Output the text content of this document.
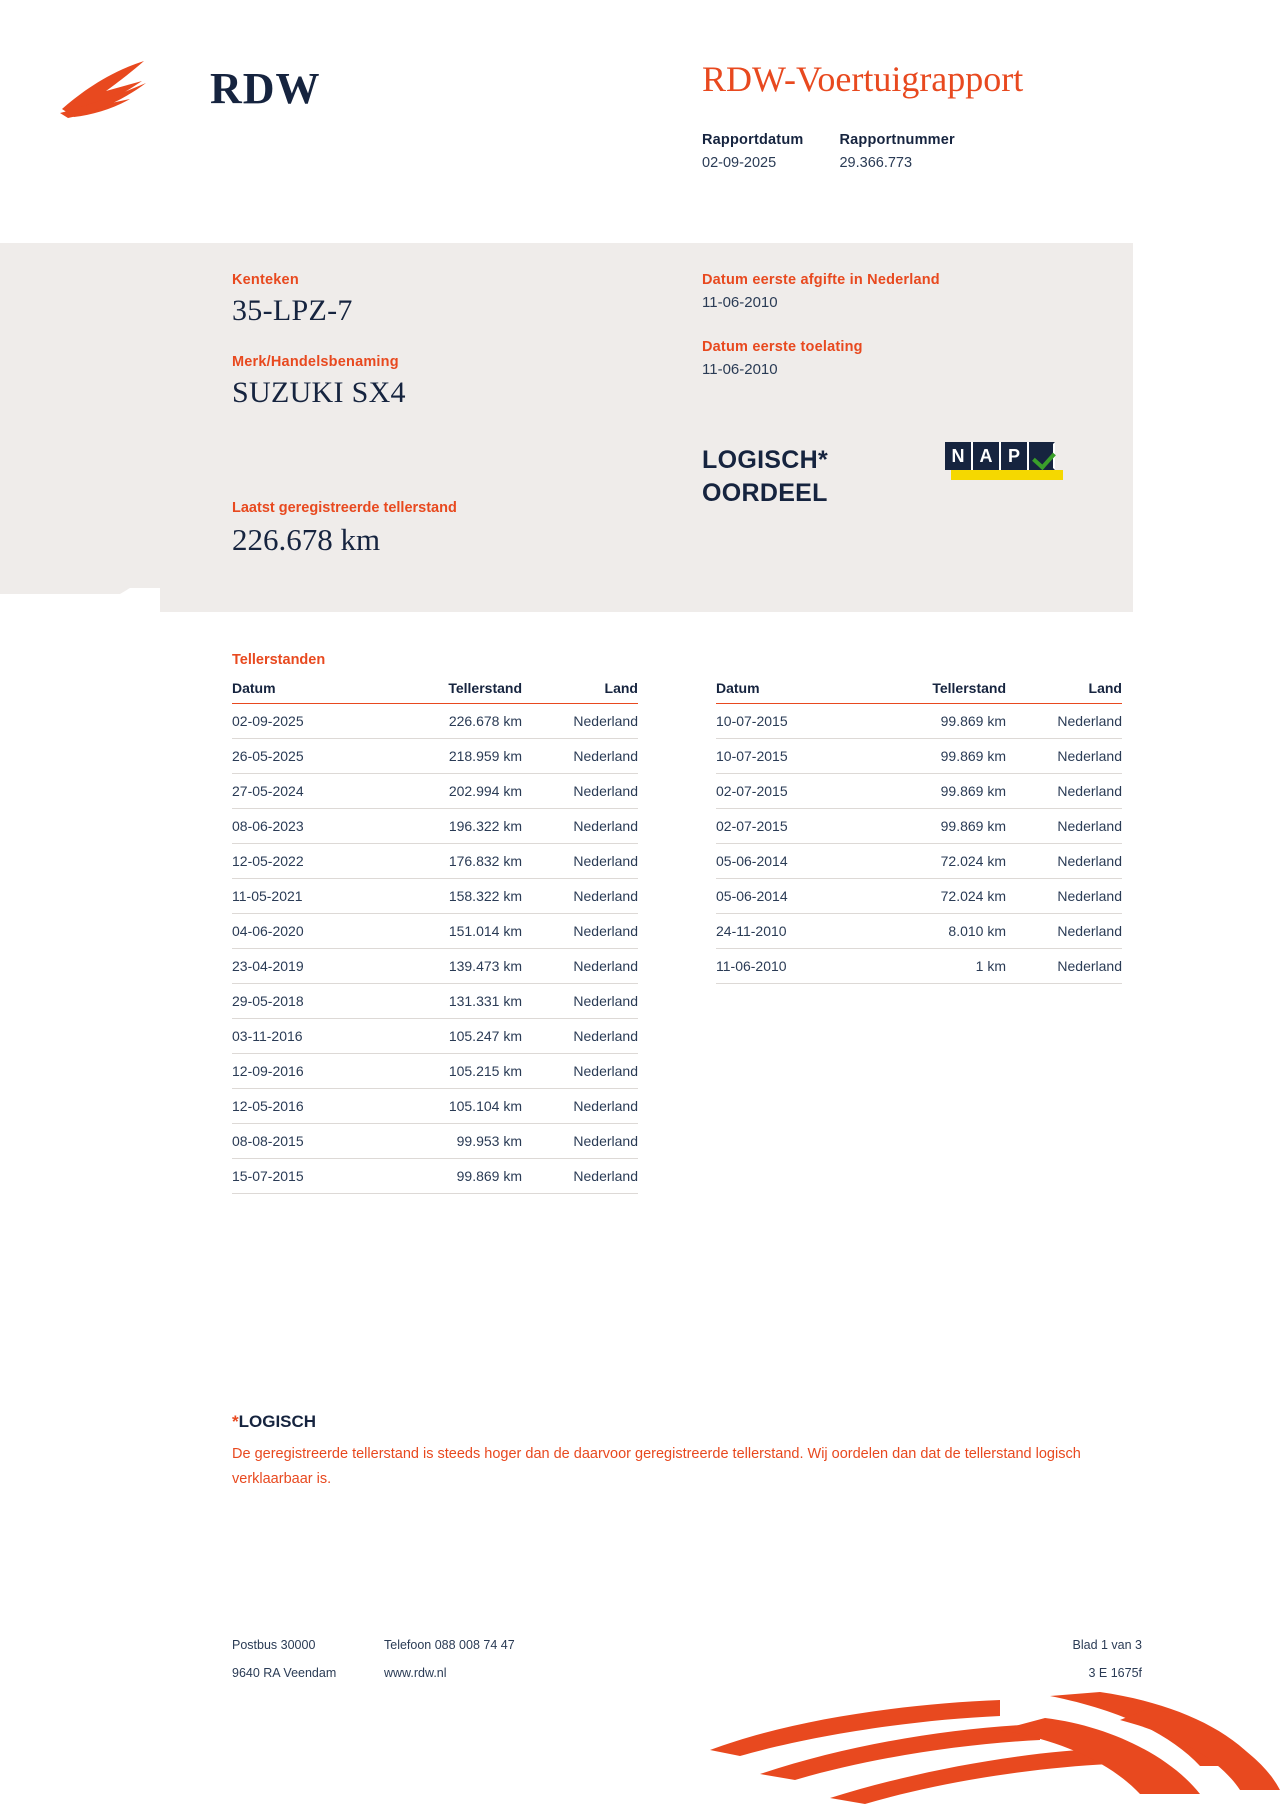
RDW	RDW-Voertuigrapport
Rapportdatum
02-09-2025
Rapportnummer
29.366.773
Kenteken
35-LPZ-7
Merk/Handelsbenaming
SUZUKI SX4
Laatst geregistreerde tellerstand
226.678 km
Datum eerste afgifte in Nederland
11-06-2010
Datum eerste toelating
11-06-2010
LOGISCH*
OORDEEL
N A P
Tellerstanden
Datum	Tellerstand	Land
02-09-2025	226.678 km	Nederland
26-05-2025	218.959 km	Nederland
27-05-2024	202.994 km	Nederland
08-06-2023	196.322 km	Nederland
12-05-2022	176.832 km	Nederland
11-05-2021	158.322 km	Nederland
04-06-2020	151.014 km	Nederland
23-04-2019	139.473 km	Nederland
29-05-2018	131.331 km	Nederland
03-11-2016	105.247 km	Nederland
12-09-2016	105.215 km	Nederland
12-05-2016	105.104 km	Nederland
08-08-2015	99.953 km	Nederland
15-07-2015	99.869 km	Nederland
Datum	Tellerstand	Land
10-07-2015	99.869 km	Nederland
10-07-2015	99.869 km	Nederland
02-07-2015	99.869 km	Nederland
02-07-2015	99.869 km	Nederland
05-06-2014	72.024 km	Nederland
05-06-2014	72.024 km	Nederland
24-11-2010	8.010 km	Nederland
11-06-2010	1 km	Nederland
*LOGISCH
De geregistreerde tellerstand is steeds hoger dan de daarvoor geregistreerde tellerstand. Wij oordelen dan dat de tellerstand logisch verklaarbaar is.
Postbus 30000	Telefoon 088 008 74 47	Blad 1 van 3
9640 RA Veendam	www.rdw.nl	3 E 1675f
